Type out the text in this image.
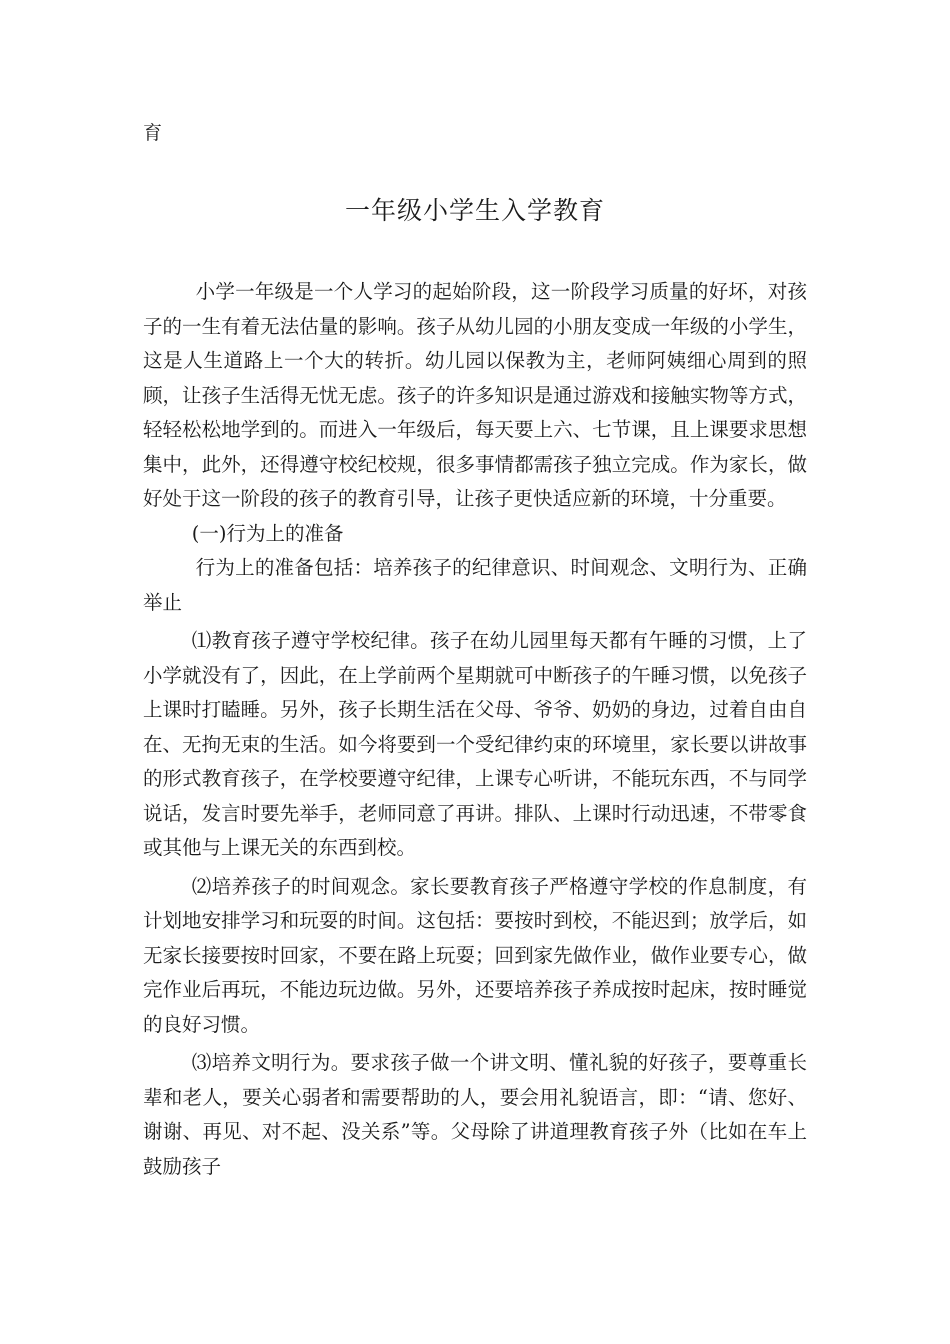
育

一年级小学生入学教育

小学一年级是一个人学习的起始阶段，这一阶段学习质量的好坏，对孩子的一生有着无法估量的影响。孩子从幼儿园的小朋友变成一年级的小学生，这是人生道路上一个大的转折。幼儿园以保教为主，老师阿姨细心周到的照顾，让孩子生活得无忧无虑。孩子的许多知识是通过游戏和接触实物等方式，轻轻松松地学到的。而进入一年级后，每天要上六、七节课，且上课要求思想集中，此外，还得遵守校纪校规，很多事情都需孩子独立完成。作为家长，做好处于这一阶段的孩子的教育引导，让孩子更快适应新的环境，十分重要。

(一)行为上的准备

行为上的准备包括：培养孩子的纪律意识、时间观念、文明行为、正确举止

⑴教育孩子遵守学校纪律。孩子在幼儿园里每天都有午睡的习惯，上了小学就没有了，因此，在上学前两个星期就可中断孩子的午睡习惯，以免孩子上课时打瞌睡。另外，孩子长期生活在父母、爷爷、奶奶的身边，过着自由自在、无拘无束的生活。如今将要到一个受纪律约束的环境里，家长要以讲故事的形式教育孩子，在学校要遵守纪律，上课专心听讲，不能玩东西，不与同学说话，发言时要先举手，老师同意了再讲。排队、上课时行动迅速，不带零食或其他与上课无关的东西到校。

⑵培养孩子的时间观念。家长要教育孩子严格遵守学校的作息制度，有计划地安排学习和玩耍的时间。这包括：要按时到校，不能迟到；放学后，如无家长接要按时回家，不要在路上玩耍；回到家先做作业，做作业要专心，做完作业后再玩，不能边玩边做。另外，还要培养孩子养成按时起床，按时睡觉的良好习惯。

⑶培养文明行为。要求孩子做一个讲文明、懂礼貌的好孩子，要尊重长辈和老人，要关心弱者和需要帮助的人，要会用礼貌语言，即：“请、您好、谢谢、再见、对不起、没关系”等。父母除了讲道理教育孩子外（比如在车上鼓励孩子
